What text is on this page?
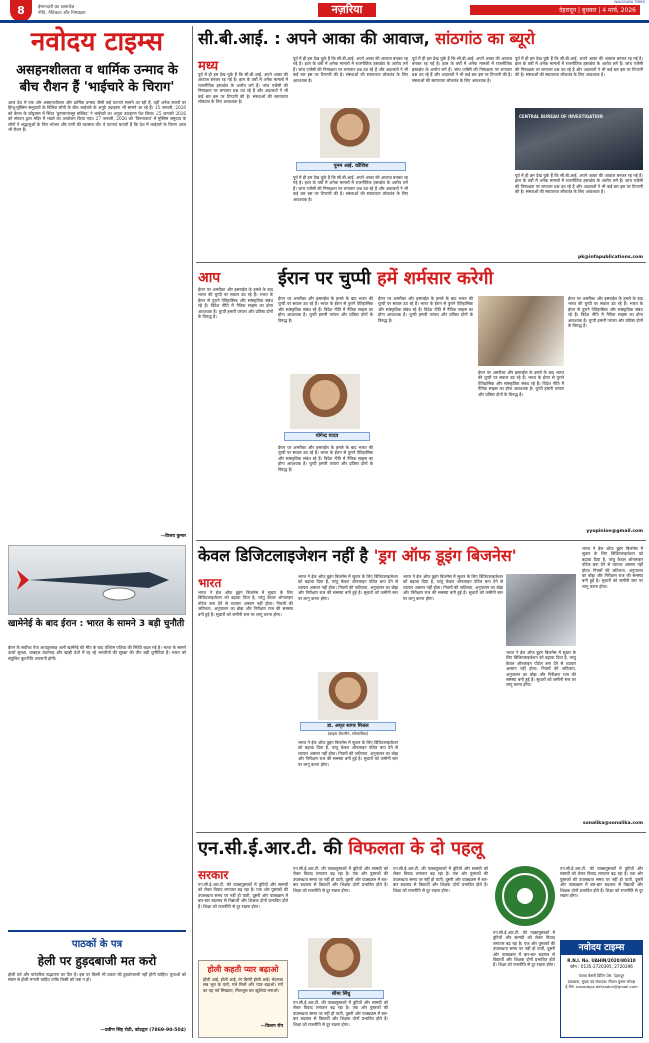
8	ईमानदारी का दस्तावेज़
नीति, नैतिकता और निष्पक्षता	नज़रिया	देहरादून | बुधवार | 4 मार्च, 2026
NAVODAYA TIMES
नवोदय टाइम्स
असहनशीलता व धार्मिक उन्माद के बीच रौशन हैं 'भाईचारे के चिराग'
आज देश में एक ओर असहनशीलता और धार्मिक उन्माद जैसी कई घटनाएं सामने आ रही हैं, वहीं अनेक स्थानों पर हिन्दू-मुस्लिम समुदायों के विभिन्न लोगों के बीच भाईचारे के अनूठे उदाहरण भी सामने आ रहे हैं। 15 जनवरी, 2026 को केरल के कोट्टायम में स्थित 'कुमारानल्लूर मस्जिद' ने भाईचारे का अनूठा उदाहरण पेश किया। 25 जनवरी 2026 को संगठन द्वारा मंदिर में भंडारे का आयोजन किया गया। 27 जनवरी, 2026 को 'तिरुनावाय' में मुस्लिम समुदाय के लोगों ने श्रद्धालुओं के लिए भोजन और पानी की व्यवस्था की। ये घटनाएं बताती हैं कि देश में भाईचारे के चिराग आज भी रौशन हैं।
—विजय कुमार
खामेनेई के बाद ईरान : भारत के सामने 3 बड़ी चुनौती
ईरान के सर्वोच्च नेता आयतुल्लाह अली खामेनेई की मौत के बाद पश्चिम एशिया की स्थिति बदल गई है। भारत के सामने ऊर्जा सुरक्षा, चाबहार बंदरगाह और खाड़ी देशों में रह रहे भारतीयों की सुरक्षा की तीन बड़ी चुनौतियां हैं। भारत को संतुलित कूटनीति अपनानी होगी।
पाठकों के पत्र
हेली पर हुड़दबाजी मत करो
होली पर्व और पारंपरिक सद्भावना का दिन है। इस पर किसी भी प्रकार की हुड़दंगबाजी नहीं होनी चाहिए। युवाओं को संयम से होली मनानी चाहिए ताकि किसी को कष्ट न हो।
—प्रवीण सिंह रोठी, कोटद्वार (7869-90-504)
सी.बी.आई. : अपने आका की आवाज, सांठगांठ का ब्यूरो
मध्य
पूर्व में ही हम देख चुके हैं कि सी.बी.आई. अपने आका की आवाज बनकर रह गई है। हाल के वर्षों में अनेक मामलों में राजनीतिक हस्तक्षेप के आरोप लगे हैं। जांच एजेंसी की निष्पक्षता पर लगातार प्रश्न उठ रहे हैं और अदालतों ने भी कई बार इस पर टिप्पणी की है। संस्थाओं की स्वायत्तता लोकतंत्र के लिए आवश्यक है।
पूर्व में ही हम देख चुके हैं कि सी.बी.आई. अपने आका की आवाज बनकर रह गई है। हाल के वर्षों में अनेक मामलों में राजनीतिक हस्तक्षेप के आरोप लगे हैं। जांच एजेंसी की निष्पक्षता पर लगातार प्रश्न उठ रहे हैं और अदालतों ने भी कई बार इस पर टिप्पणी की है। संस्थाओं की स्वायत्तता लोकतंत्र के लिए आवश्यक है।
पूनम आई. कौशिश
पूर्व में ही हम देख चुके हैं कि सी.बी.आई. अपने आका की आवाज बनकर रह गई है। हाल के वर्षों में अनेक मामलों में राजनीतिक हस्तक्षेप के आरोप लगे हैं। जांच एजेंसी की निष्पक्षता पर लगातार प्रश्न उठ रहे हैं और अदालतों ने भी कई बार इस पर टिप्पणी की है। संस्थाओं की स्वायत्तता लोकतंत्र के लिए आवश्यक है।
पूर्व में ही हम देख चुके हैं कि सी.बी.आई. अपने आका की आवाज बनकर रह गई है। हाल के वर्षों में अनेक मामलों में राजनीतिक हस्तक्षेप के आरोप लगे हैं। जांच एजेंसी की निष्पक्षता पर लगातार प्रश्न उठ रहे हैं और अदालतों ने भी कई बार इस पर टिप्पणी की है। संस्थाओं की स्वायत्तता लोकतंत्र के लिए आवश्यक है।
CENTRAL BUREAU OF INVESTIGATION
पूर्व में ही हम देख चुके हैं कि सी.बी.आई. अपने आका की आवाज बनकर रह गई है। हाल के वर्षों में अनेक मामलों में राजनीतिक हस्तक्षेप के आरोप लगे हैं। जांच एजेंसी की निष्पक्षता पर लगातार प्रश्न उठ रहे हैं और अदालतों ने भी कई बार इस पर टिप्पणी की है। संस्थाओं की स्वायत्तता लोकतंत्र के लिए आवश्यक है।
पूर्व में ही हम देख चुके हैं कि सी.बी.आई. अपने आका की आवाज बनकर रह गई है। हाल के वर्षों में अनेक मामलों में राजनीतिक हस्तक्षेप के आरोप लगे हैं। जांच एजेंसी की निष्पक्षता पर लगातार प्रश्न उठ रहे हैं और अदालतों ने भी कई बार इस पर टिप्पणी की है। संस्थाओं की स्वायत्तता लोकतंत्र के लिए आवश्यक है।
pk@infapublications.com
आप
ईरान पर अमरीका और इसराईल के हमले के बाद भारत की चुप्पी पर सवाल उठ रहे हैं। भारत के ईरान से पुराने ऐतिहासिक और सांस्कृतिक संबंध रहे हैं। विदेश नीति में नैतिक साहस का होना आवश्यक है। चुप्पी हमारी परंपरा और प्रतिष्ठा दोनों के विरुद्ध है।
ईरान पर चुप्पी हमें शर्मसार करेगी
ईरान पर अमरीका और इसराईल के हमले के बाद भारत की चुप्पी पर सवाल उठ रहे हैं। भारत के ईरान से पुराने ऐतिहासिक और सांस्कृतिक संबंध रहे हैं। विदेश नीति में नैतिक साहस का होना आवश्यक है। चुप्पी हमारी परंपरा और प्रतिष्ठा दोनों के विरुद्ध है।
योगेन्द्र यादव
ईरान पर अमरीका और इसराईल के हमले के बाद भारत की चुप्पी पर सवाल उठ रहे हैं। भारत के ईरान से पुराने ऐतिहासिक और सांस्कृतिक संबंध रहे हैं। विदेश नीति में नैतिक साहस का होना आवश्यक है। चुप्पी हमारी परंपरा और प्रतिष्ठा दोनों के विरुद्ध है।
ईरान पर अमरीका और इसराईल के हमले के बाद भारत की चुप्पी पर सवाल उठ रहे हैं। भारत के ईरान से पुराने ऐतिहासिक और सांस्कृतिक संबंध रहे हैं। विदेश नीति में नैतिक साहस का होना आवश्यक है। चुप्पी हमारी परंपरा और प्रतिष्ठा दोनों के विरुद्ध है।
ईरान पर अमरीका और इसराईल के हमले के बाद भारत की चुप्पी पर सवाल उठ रहे हैं। भारत के ईरान से पुराने ऐतिहासिक और सांस्कृतिक संबंध रहे हैं। विदेश नीति में नैतिक साहस का होना आवश्यक है। चुप्पी हमारी परंपरा और प्रतिष्ठा दोनों के विरुद्ध है।
ईरान पर अमरीका और इसराईल के हमले के बाद भारत की चुप्पी पर सवाल उठ रहे हैं। भारत के ईरान से पुराने ऐतिहासिक और सांस्कृतिक संबंध रहे हैं। विदेश नीति में नैतिक साहस का होना आवश्यक है। चुप्पी हमारी परंपरा और प्रतिष्ठा दोनों के विरुद्ध है।
yyopinion@gmail.com
केवल डिजिटलाइजेशन नहीं है 'ड्रग ऑफ डूइंग बिजनेस'
भारत
भारत ने ईज ऑफ डूइंग बिजनेस में सुधार के लिए डिजिटलाइजेशन को बढ़ावा दिया है, परंतु केवल ऑनलाइन पोर्टल बना देने से व्यापार आसान नहीं होता। नियमों की जटिलता, अनुपालन का बोझ और निरीक्षण राज की समस्या बनी हुई है। सुधारों को जमीनी स्तर पर लागू करना होगा।
भारत ने ईज ऑफ डूइंग बिजनेस में सुधार के लिए डिजिटलाइजेशन को बढ़ावा दिया है, परंतु केवल ऑनलाइन पोर्टल बना देने से व्यापार आसान नहीं होता। नियमों की जटिलता, अनुपालन का बोझ और निरीक्षण राज की समस्या बनी हुई है। सुधारों को जमीनी स्तर पर लागू करना होगा।
डा. अमृत सागर मित्तल
(वाइस चेयरमैन, सोनालीका)
भारत ने ईज ऑफ डूइंग बिजनेस में सुधार के लिए डिजिटलाइजेशन को बढ़ावा दिया है, परंतु केवल ऑनलाइन पोर्टल बना देने से व्यापार आसान नहीं होता। नियमों की जटिलता, अनुपालन का बोझ और निरीक्षण राज की समस्या बनी हुई है। सुधारों को जमीनी स्तर पर लागू करना होगा।
भारत ने ईज ऑफ डूइंग बिजनेस में सुधार के लिए डिजिटलाइजेशन को बढ़ावा दिया है, परंतु केवल ऑनलाइन पोर्टल बना देने से व्यापार आसान नहीं होता। नियमों की जटिलता, अनुपालन का बोझ और निरीक्षण राज की समस्या बनी हुई है। सुधारों को जमीनी स्तर पर लागू करना होगा।
भारत ने ईज ऑफ डूइंग बिजनेस में सुधार के लिए डिजिटलाइजेशन को बढ़ावा दिया है, परंतु केवल ऑनलाइन पोर्टल बना देने से व्यापार आसान नहीं होता। नियमों की जटिलता, अनुपालन का बोझ और निरीक्षण राज की समस्या बनी हुई है। सुधारों को जमीनी स्तर पर लागू करना होगा।
भारत ने ईज ऑफ डूइंग बिजनेस में सुधार के लिए डिजिटलाइजेशन को बढ़ावा दिया है, परंतु केवल ऑनलाइन पोर्टल बना देने से व्यापार आसान नहीं होता। नियमों की जटिलता, अनुपालन का बोझ और निरीक्षण राज की समस्या बनी हुई है। सुधारों को जमीनी स्तर पर लागू करना होगा।
sonalika@sonalika.com
एन.सी.ई.आर.टी. की विफलता के दो पहलू
सरकार
एन.सी.ई.आर.टी. की पाठ्यपुस्तकों में त्रुटियों और सामग्री को लेकर विवाद लगातार बढ़ रहा है। एक ओर पुस्तकों की उपलब्धता समय पर नहीं हो पाती, दूसरी ओर पाठ्यक्रम में बार-बार बदलाव से विद्यार्थी और शिक्षक दोनों प्रभावित होते हैं। शिक्षा को राजनीति से दूर रखना होगा।
होली कहती प्यार बढ़ाओ
होली आई, होली आई, रंग बिरंगी होली आई। भेदभाव सब भूल के यारो, गले मिलो और प्यार बढ़ाओ। रंगों का यह पर्व सिखाता, मिलजुल कर खुशियां मनाओ।
—किशन रॉय
एन.सी.ई.आर.टी. की पाठ्यपुस्तकों में त्रुटियों और सामग्री को लेकर विवाद लगातार बढ़ रहा है। एक ओर पुस्तकों की उपलब्धता समय पर नहीं हो पाती, दूसरी ओर पाठ्यक्रम में बार-बार बदलाव से विद्यार्थी और शिक्षक दोनों प्रभावित होते हैं। शिक्षा को राजनीति से दूर रखना होगा।
सीमा सिंधु
एन.सी.ई.आर.टी. की पाठ्यपुस्तकों में त्रुटियों और सामग्री को लेकर विवाद लगातार बढ़ रहा है। एक ओर पुस्तकों की उपलब्धता समय पर नहीं हो पाती, दूसरी ओर पाठ्यक्रम में बार-बार बदलाव से विद्यार्थी और शिक्षक दोनों प्रभावित होते हैं। शिक्षा को राजनीति से दूर रखना होगा।
एन.सी.ई.आर.टी. की पाठ्यपुस्तकों में त्रुटियों और सामग्री को लेकर विवाद लगातार बढ़ रहा है। एक ओर पुस्तकों की उपलब्धता समय पर नहीं हो पाती, दूसरी ओर पाठ्यक्रम में बार-बार बदलाव से विद्यार्थी और शिक्षक दोनों प्रभावित होते हैं। शिक्षा को राजनीति से दूर रखना होगा।
एन.सी.ई.आर.टी. की पाठ्यपुस्तकों में त्रुटियों और सामग्री को लेकर विवाद लगातार बढ़ रहा है। एक ओर पुस्तकों की उपलब्धता समय पर नहीं हो पाती, दूसरी ओर पाठ्यक्रम में बार-बार बदलाव से विद्यार्थी और शिक्षक दोनों प्रभावित होते हैं। शिक्षा को राजनीति से दूर रखना होगा।
एन.सी.ई.आर.टी. की पाठ्यपुस्तकों में त्रुटियों और सामग्री को लेकर विवाद लगातार बढ़ रहा है। एक ओर पुस्तकों की उपलब्धता समय पर नहीं हो पाती, दूसरी ओर पाठ्यक्रम में बार-बार बदलाव से विद्यार्थी और शिक्षक दोनों प्रभावित होते हैं। शिक्षा को राजनीति से दूर रखना होगा।
नवोदय टाइम्स
R.N.I. No. UAHIN/2020/80310
फोन : 0135-2720395, 2720396
पंजाब केसरी प्रिंटिंग प्रेस, देहरादून
प्रकाशक, मुद्रक एवं संपादक: विजय कुमार चोपड़ा
ई-मेल: navodaya.dehradun@gmail.com
